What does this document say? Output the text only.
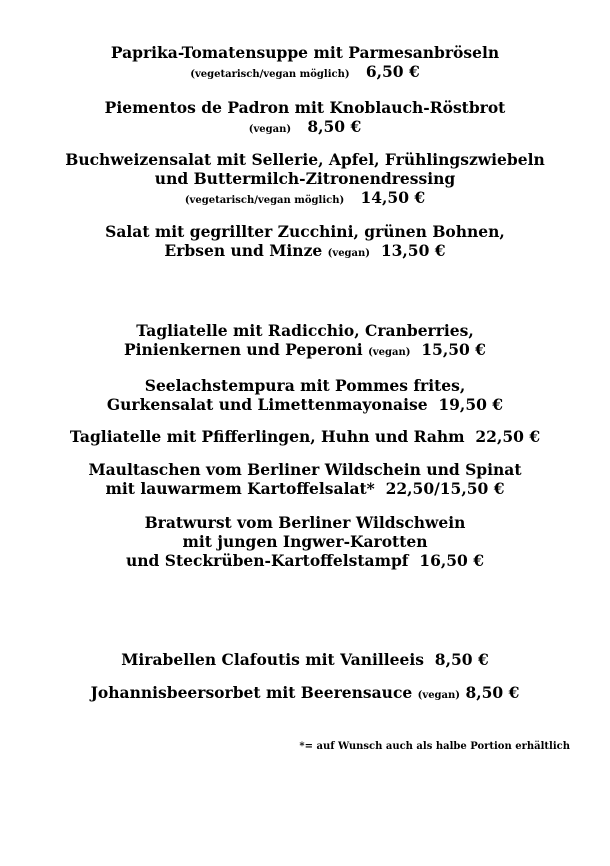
Paprika-Tomatensuppe mit Parmesanbröseln
(vegetarisch/vegan möglich) 6,50 €
Piementos de Padron mit Knoblauch-Röstbrot
(vegan) 8,50 €
Buchweizensalat mit Sellerie, Apfel, Frühlingszwiebeln
und Buttermilch-Zitronendressing
(vegetarisch/vegan möglich) 14,50 €
Salat mit gegrillter Zucchini, grünen Bohnen,
Erbsen und Minze (vegan) 13,50 €
Tagliatelle mit Radicchio, Cranberries,
Pinienkernen und Peperoni (vegan) 15,50 €
Seelachstempura mit Pommes frites,
Gurkensalat und Limettenmayonaise 19,50 €
Tagliatelle mit Pfifferlingen, Huhn und Rahm 22,50 €
Maultaschen vom Berliner Wildschein und Spinat
mit lauwarmem Kartoffelsalat* 22,50/15,50 €
Bratwurst vom Berliner Wildschwein
mit jungen Ingwer-Karotten
und Steckrüben-Kartoffelstampf 16,50 €
Mirabellen Clafoutis mit Vanilleeis 8,50 €
Johannisbeersorbet mit Beerensauce (vegan) 8,50 €
*= auf Wunsch auch als halbe Portion erhältlich
